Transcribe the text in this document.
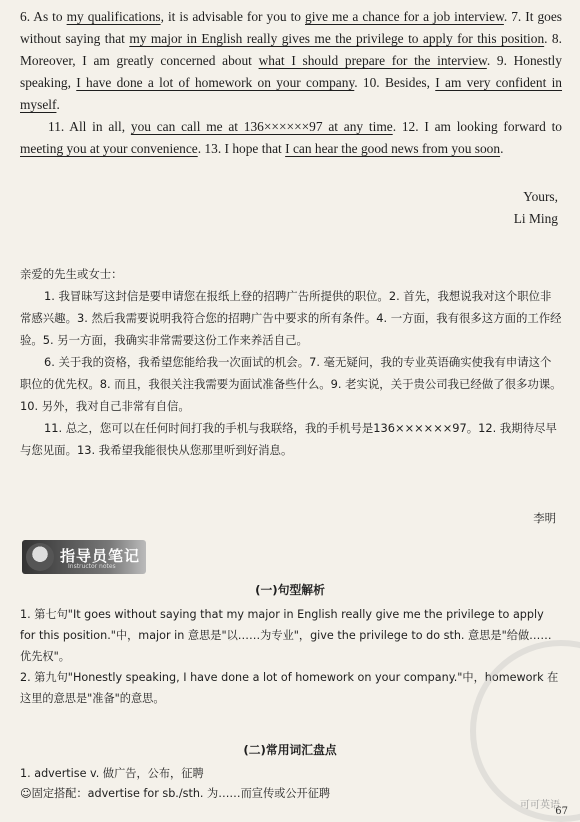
6. As to my qualifications, it is advisable for you to give me a chance for a job interview. 7. It goes without saying that my major in English really gives me the privilege to apply for this position. 8. Moreover, I am greatly concerned about what I should prepare for the interview. 9. Honestly speaking, I have done a lot of homework on your company. 10. Besides, I am very confident in myself.

11. All in all, you can call me at 136××××××97 at any time. 12. I am looking forward to meeting you at your convenience. 13. I hope that I can hear the good news from you soon.

Yours,
Li Ming

亲爱的先生或女士：

1. 我冒昧写这封信是要申请您在报纸上登的招聘广告所提供的职位。2. 首先，我想说我对这个职位非常感兴趣。3. 然后我需要说明我符合您的招聘广告中要求的所有条件。4. 一方面，我有很多这方面的工作经验。5. 另一方面，我确实非常需要这份工作来养活自己。

6. 关于我的资格，我希望您能给我一次面试的机会。7. 毫无疑问，我的专业英语确实使我有申请这个职位的优先权。8. 而且，我很关注我需要为面试准备些什么。9. 老实说，关于贵公司我已经做了很多功课。10. 另外，我对自己非常有自信。

11. 总之，您可以在任何时间打我的手机与我联络，我的手机号是136××××××97。12. 我期待尽早与您见面。13. 我希望我能很快从您那里听到好消息。

李明
指导员笔记
Instructor notes
(一)句型解析

1. 第七句"It goes without saying that my major in English really give me the privilege to apply for this position."中，major in 意思是"以……为专业"，give the privilege to do sth. 意思是"给做……优先权"。

2. 第九句"Honestly speaking, I have done a lot of homework on your company."中，homework 在这里的意思是"准备"的意思。

(二)常用词汇盘点

1. advertise v. 做广告，公布，征聘

☺固定搭配：advertise for sb./sth. 为……而宣传或公开征聘

可可英语
67
